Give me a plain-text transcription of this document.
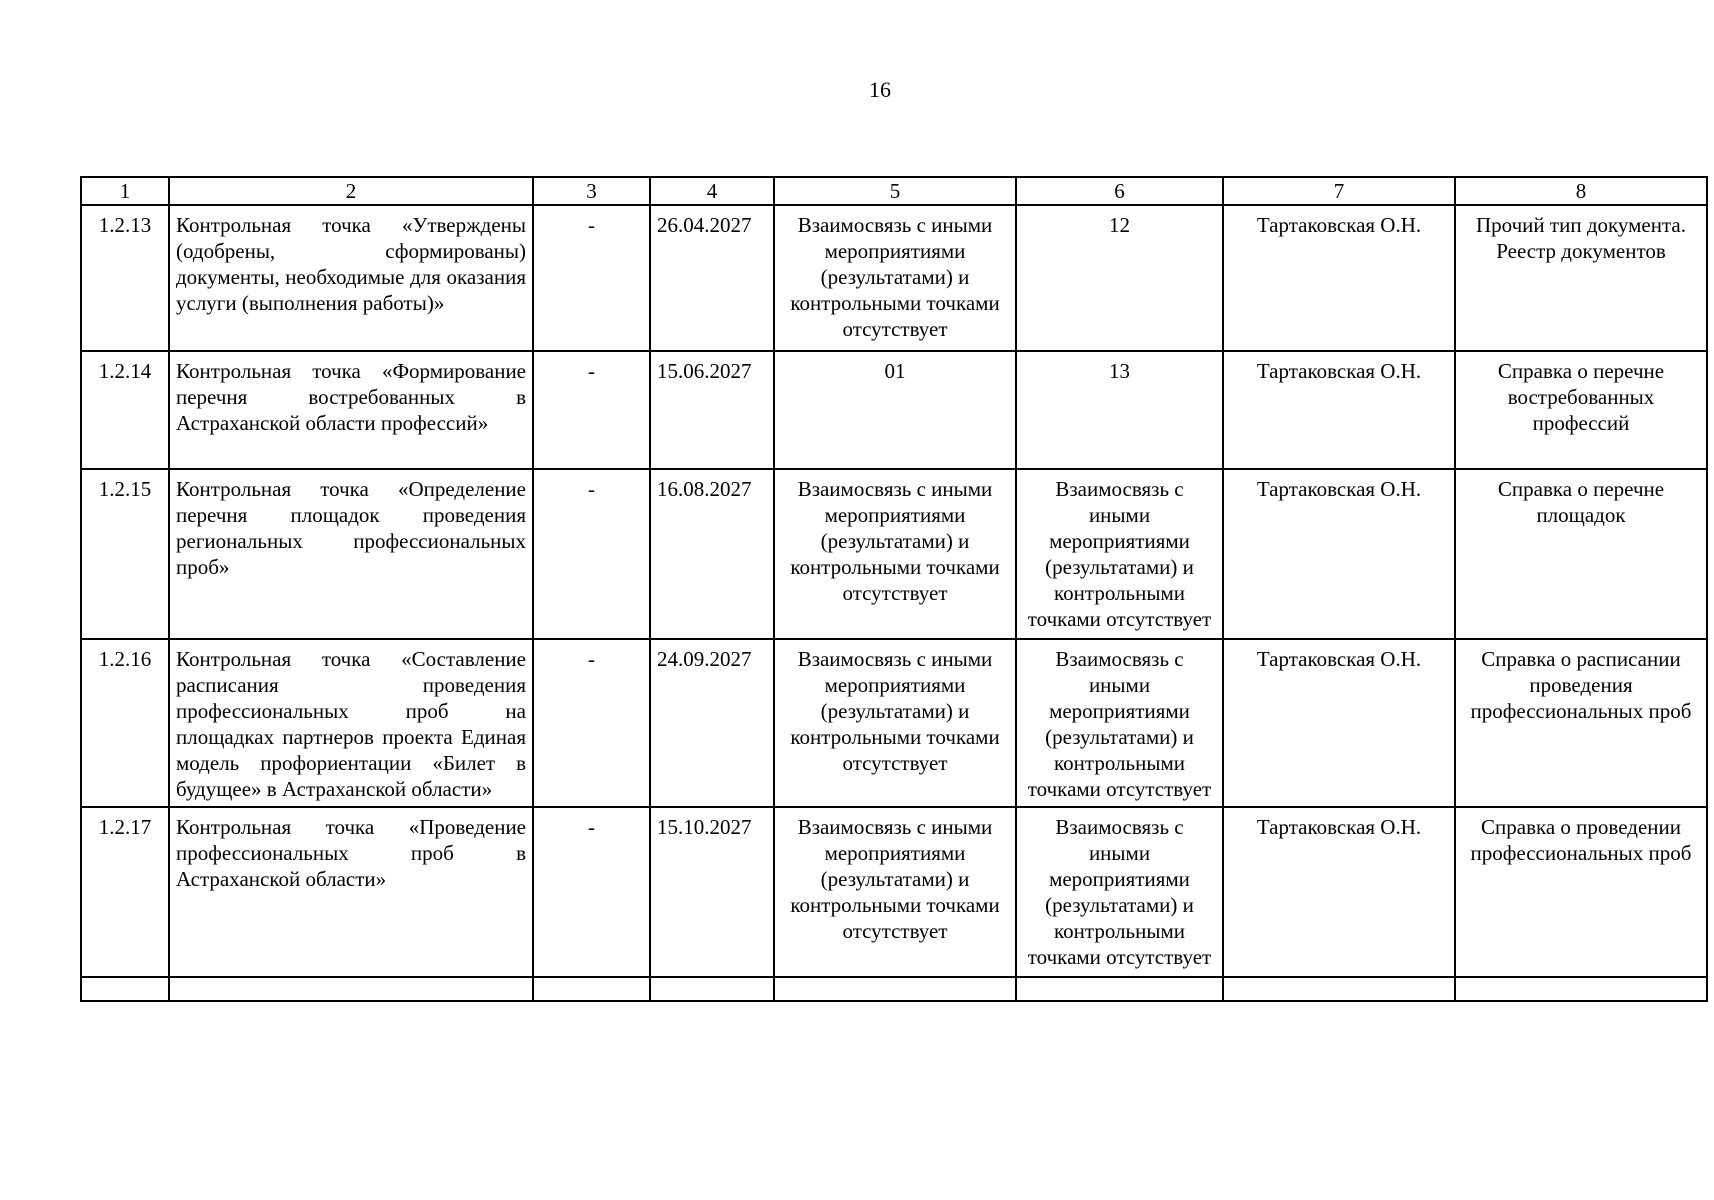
16
1	2	3	4	5	6	7	8
1.2.13	Контрольная точка «Утверждены (одобрены, сформированы) документы, необходимые для оказания услуги (выполнения работы)»	-	26.04.2027	Взаимосвязь с иными мероприятиями (результатами) и контрольными точками отсутствует	12	Тартаковская О.Н.	Прочий тип документа. Реестр документов
1.2.14	Контрольная точка «Формирование перечня востребованных в Астраханской области профессий»	-	15.06.2027	01	13	Тартаковская О.Н.	Справка о перечне востребованных профессий
1.2.15	Контрольная точка «Определение перечня площадок проведения региональных профессиональных проб»	-	16.08.2027	Взаимосвязь с иными мероприятиями (результатами) и контрольными точками отсутствует	Взаимосвязь с иными мероприятиями (результатами) и контрольными точками отсутствует	Тартаковская О.Н.	Справка о перечне площадок
1.2.16	Контрольная точка «Составление расписания проведения профессиональных проб на площадках партнеров проекта Единая модель профориентации «Билет в будущее» в Астраханской области»	-	24.09.2027	Взаимосвязь с иными мероприятиями (результатами) и контрольными точками отсутствует	Взаимосвязь с иными мероприятиями (результатами) и контрольными точками отсутствует	Тартаковская О.Н.	Справка о расписании проведения профессиональных проб
1.2.17	Контрольная точка «Проведение профессиональных проб в Астраханской области»	-	15.10.2027	Взаимосвязь с иными мероприятиями (результатами) и контрольными точками отсутствует	Взаимосвязь с иными мероприятиями (результатами) и контрольными точками отсутствует	Тартаковская О.Н.	Справка о проведении профессиональных проб
